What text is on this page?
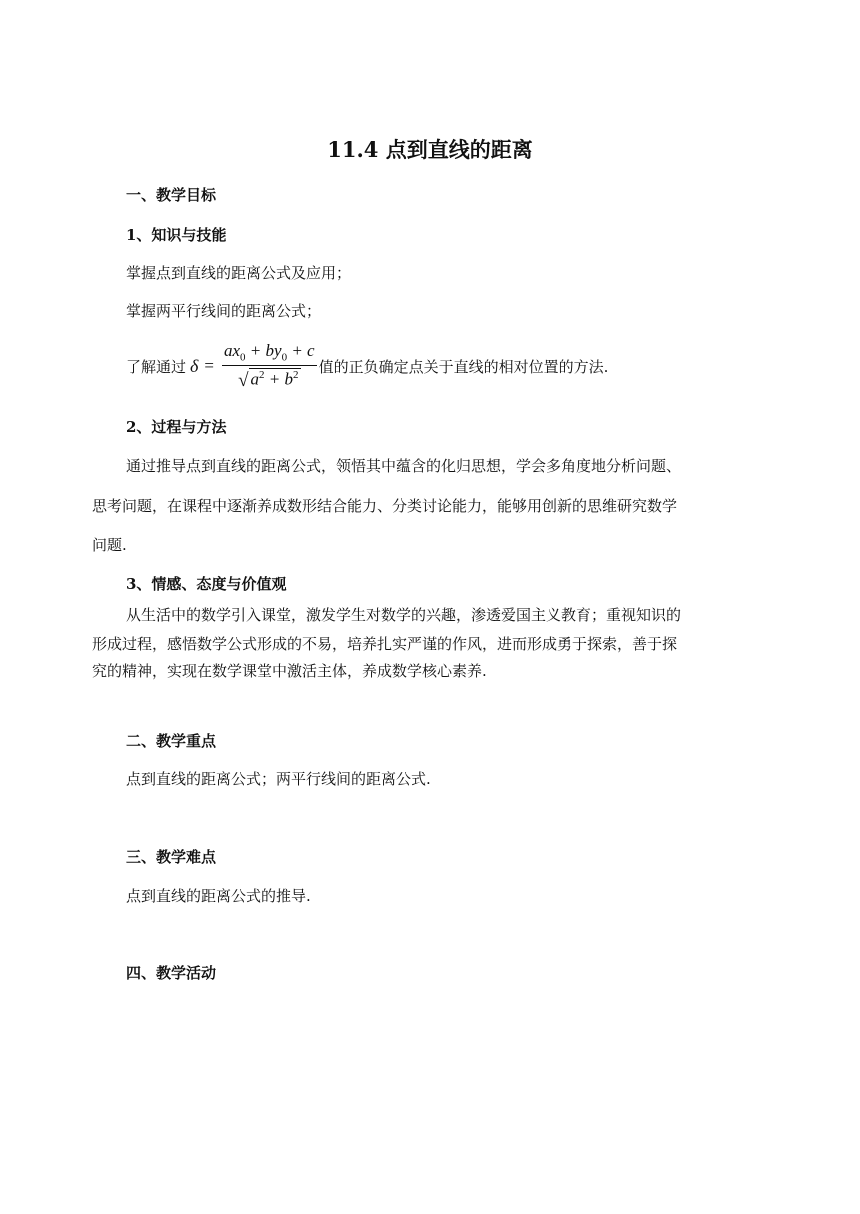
11.4 点到直线的距离
一、教学目标
1、知识与技能
掌握点到直线的距离公式及应用；
掌握两平行线间的距离公式；
了解通过 $\delta = \frac{ax_0 + by_0 + c}{√ a^2 + b^2}$ 值的正负确定点关于直线的相对位置的方法.
2、过程与方法
通过推导点到直线的距离公式，领悟其中蕴含的化归思想，学会多角度地分析问题、
思考问题，在课程中逐渐养成数形结合能力、分类讨论能力，能够用创新的思维研究数学
问题.
3、情感、态度与价值观
从生活中的数学引入课堂，激发学生对数学的兴趣，渗透爱国主义教育；重视知识的
形成过程，感悟数学公式形成的不易，培养扎实严谨的作风，进而形成勇于探索，善于探
究的精神，实现在数学课堂中激活主体，养成数学核心素养.
二、教学重点
点到直线的距离公式；两平行线间的距离公式.
三、教学难点
点到直线的距离公式的推导.
四、教学活动
